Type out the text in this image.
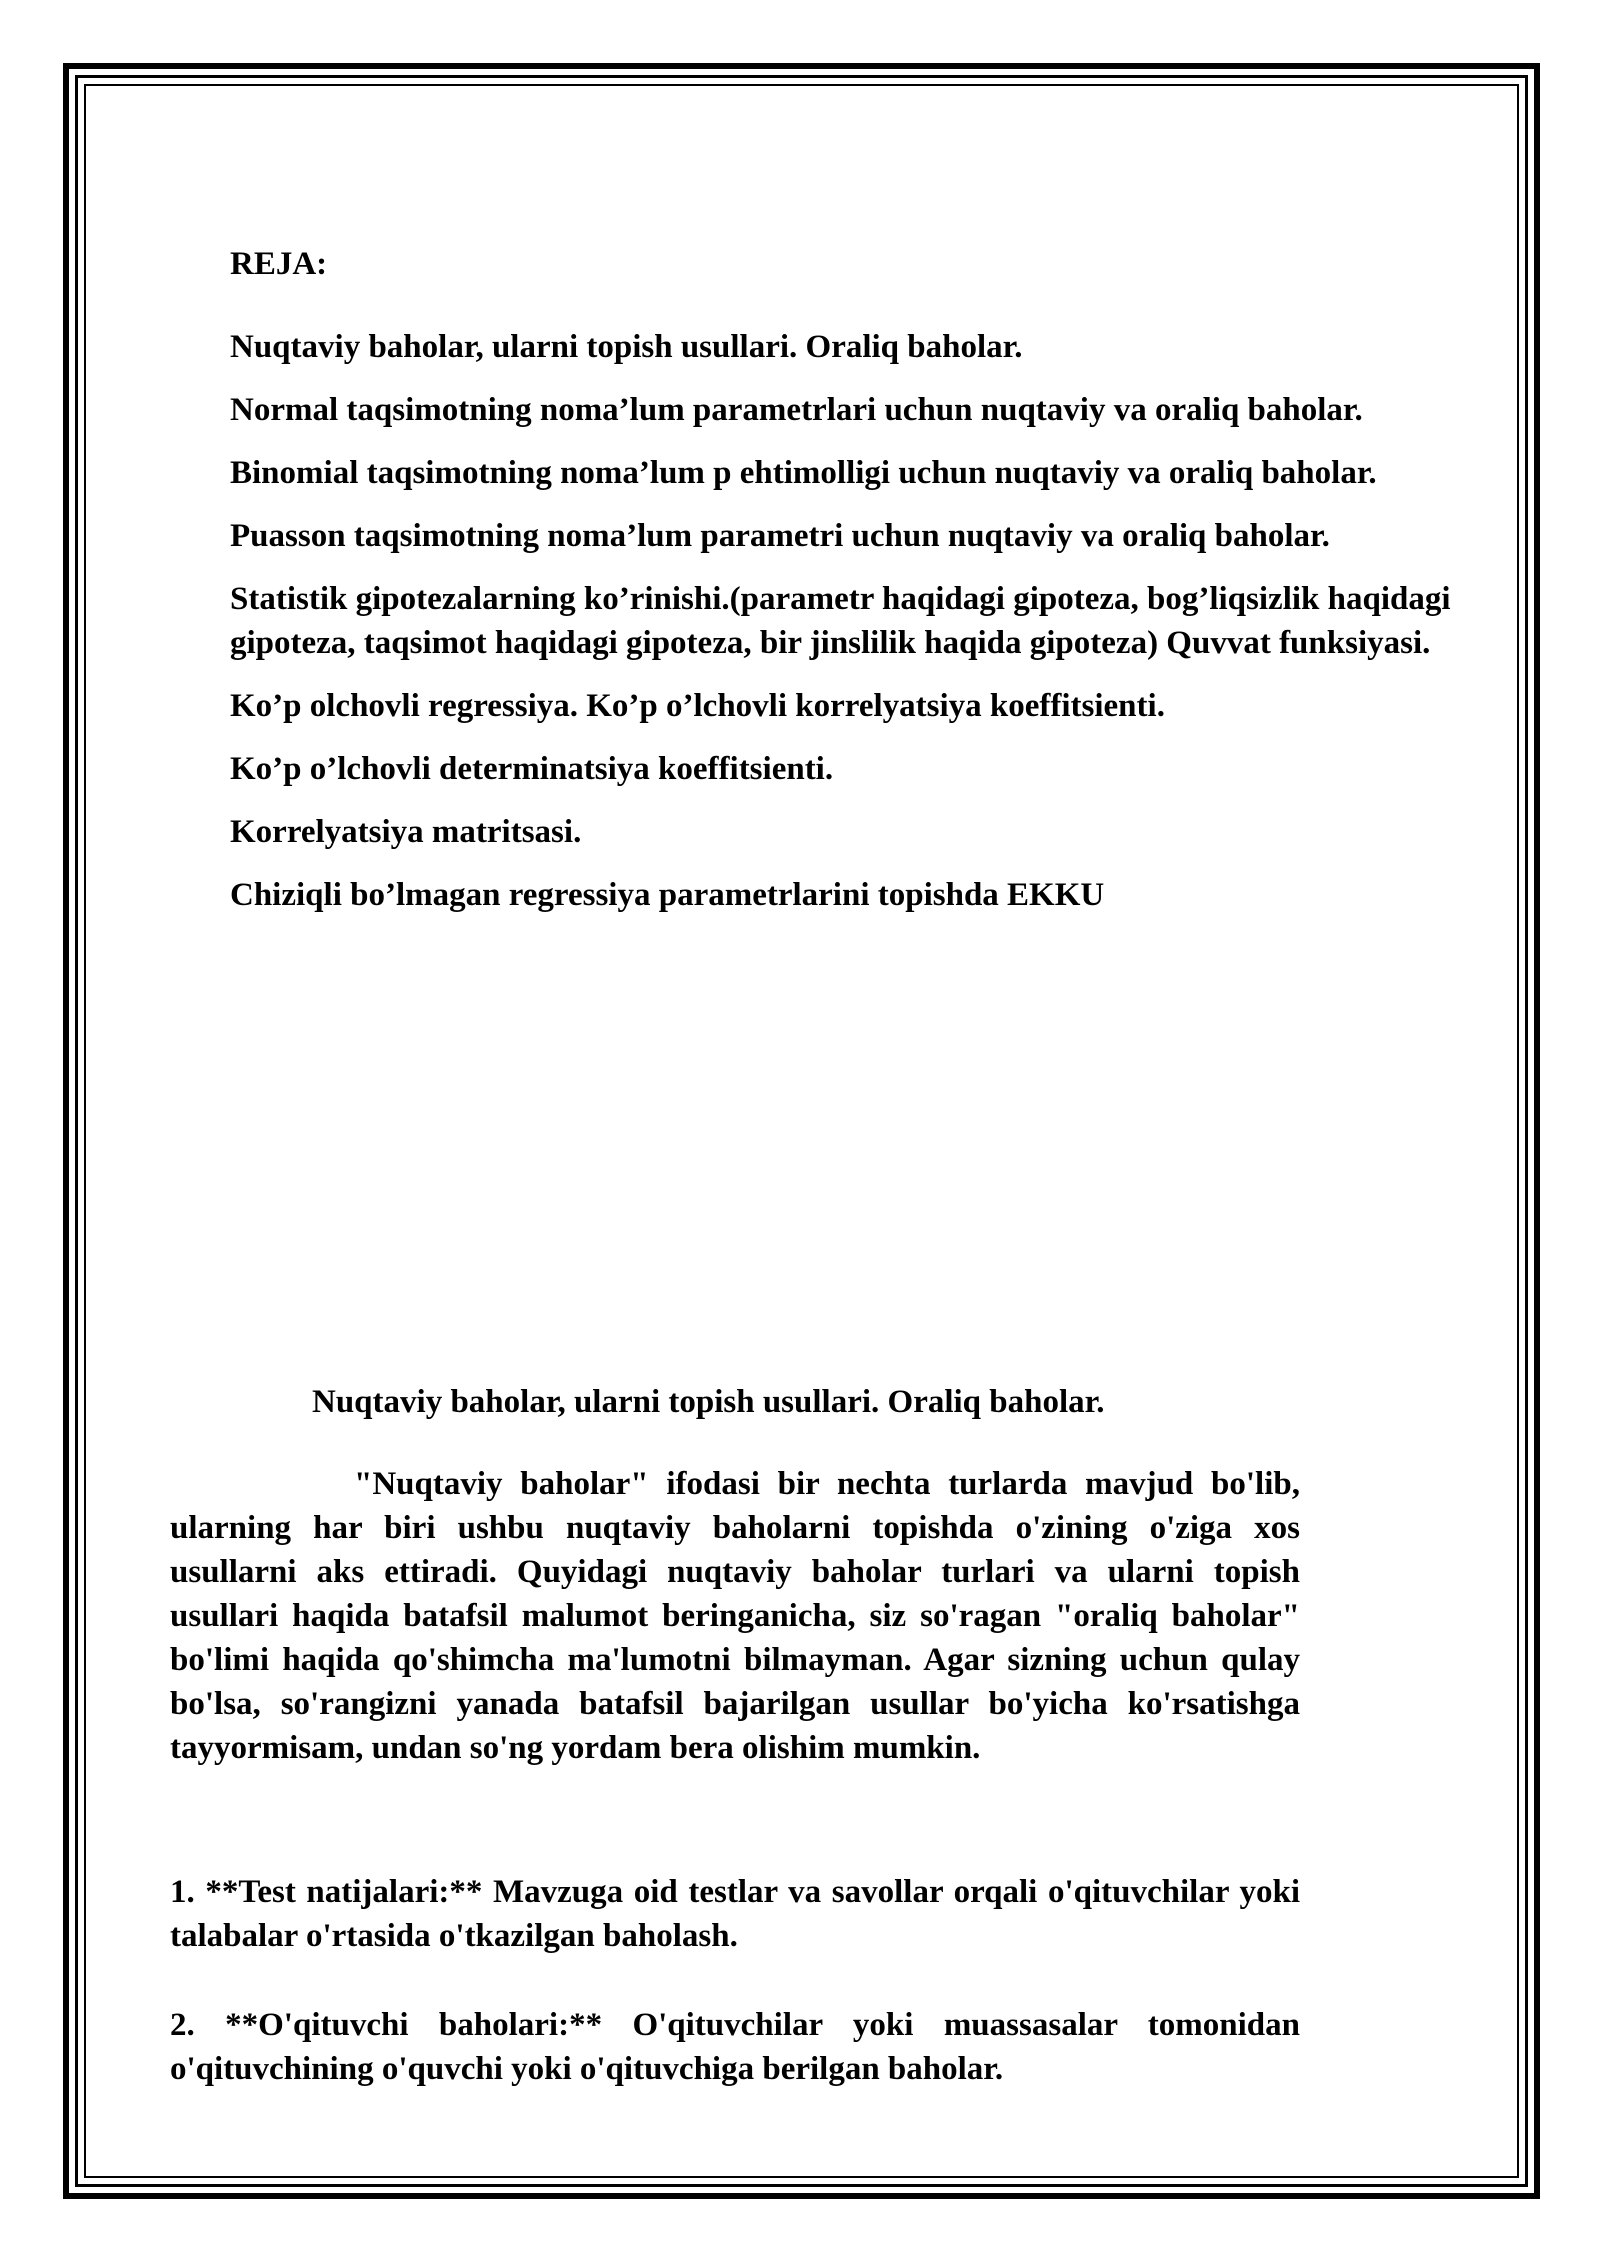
REJA:

Nuqtaviy baholar, ularni topish usullari. Oraliq baholar.
Normal taqsimotning noma’lum parametrlari uchun nuqtaviy va oraliq baholar.
Binomial taqsimotning noma’lum p ehtimolligi uchun nuqtaviy va oraliq baholar.
Puasson taqsimotning noma’lum parametri uchun nuqtaviy va oraliq baholar.
Statistik gipotezalarning ko’rinishi.(parametr haqidagi gipoteza, bog’liqsizlik haqidagi gipoteza, taqsimot haqidagi gipoteza, bir jinslilik haqida gipoteza) Quvvat funksiyasi.
Ko’p olchovli regressiya. Ko’p o’lchovli korrelyatsiya koeffitsienti.
Ko’p o’lchovli determinatsiya koeffitsienti.
Korrelyatsiya matritsasi.
Chiziqli bo’lmagan regressiya parametrlarini topishda EKKU

Nuqtaviy baholar, ularni topish usullari. Oraliq baholar.

"Nuqtaviy baholar" ifodasi bir nechta turlarda mavjud bo'lib, ularning har biri ushbu nuqtaviy baholarni topishda o'zining o'ziga xos usullarni aks ettiradi. Quyidagi nuqtaviy baholar turlari va ularni topish usullari haqida batafsil malumot beringanicha, siz so'ragan "oraliq baholar" bo'limi haqida qo'shimcha ma'lumotni bilmayman. Agar sizning uchun qulay bo'lsa, so'rangizni yanada batafsil bajarilgan usullar bo'yicha ko'rsatishga tayyormisam, undan so'ng yordam bera olishim mumkin.

1. **Test natijalari:** Mavzuga oid testlar va savollar orqali o'qituvchilar yoki talabalar o'rtasida o'tkazilgan baholash.

2. **O'qituvchi baholari:** O'qituvchilar yoki muassasalar tomonidan o'qituvchining o'quvchi yoki o'qituvchiga berilgan baholar.
